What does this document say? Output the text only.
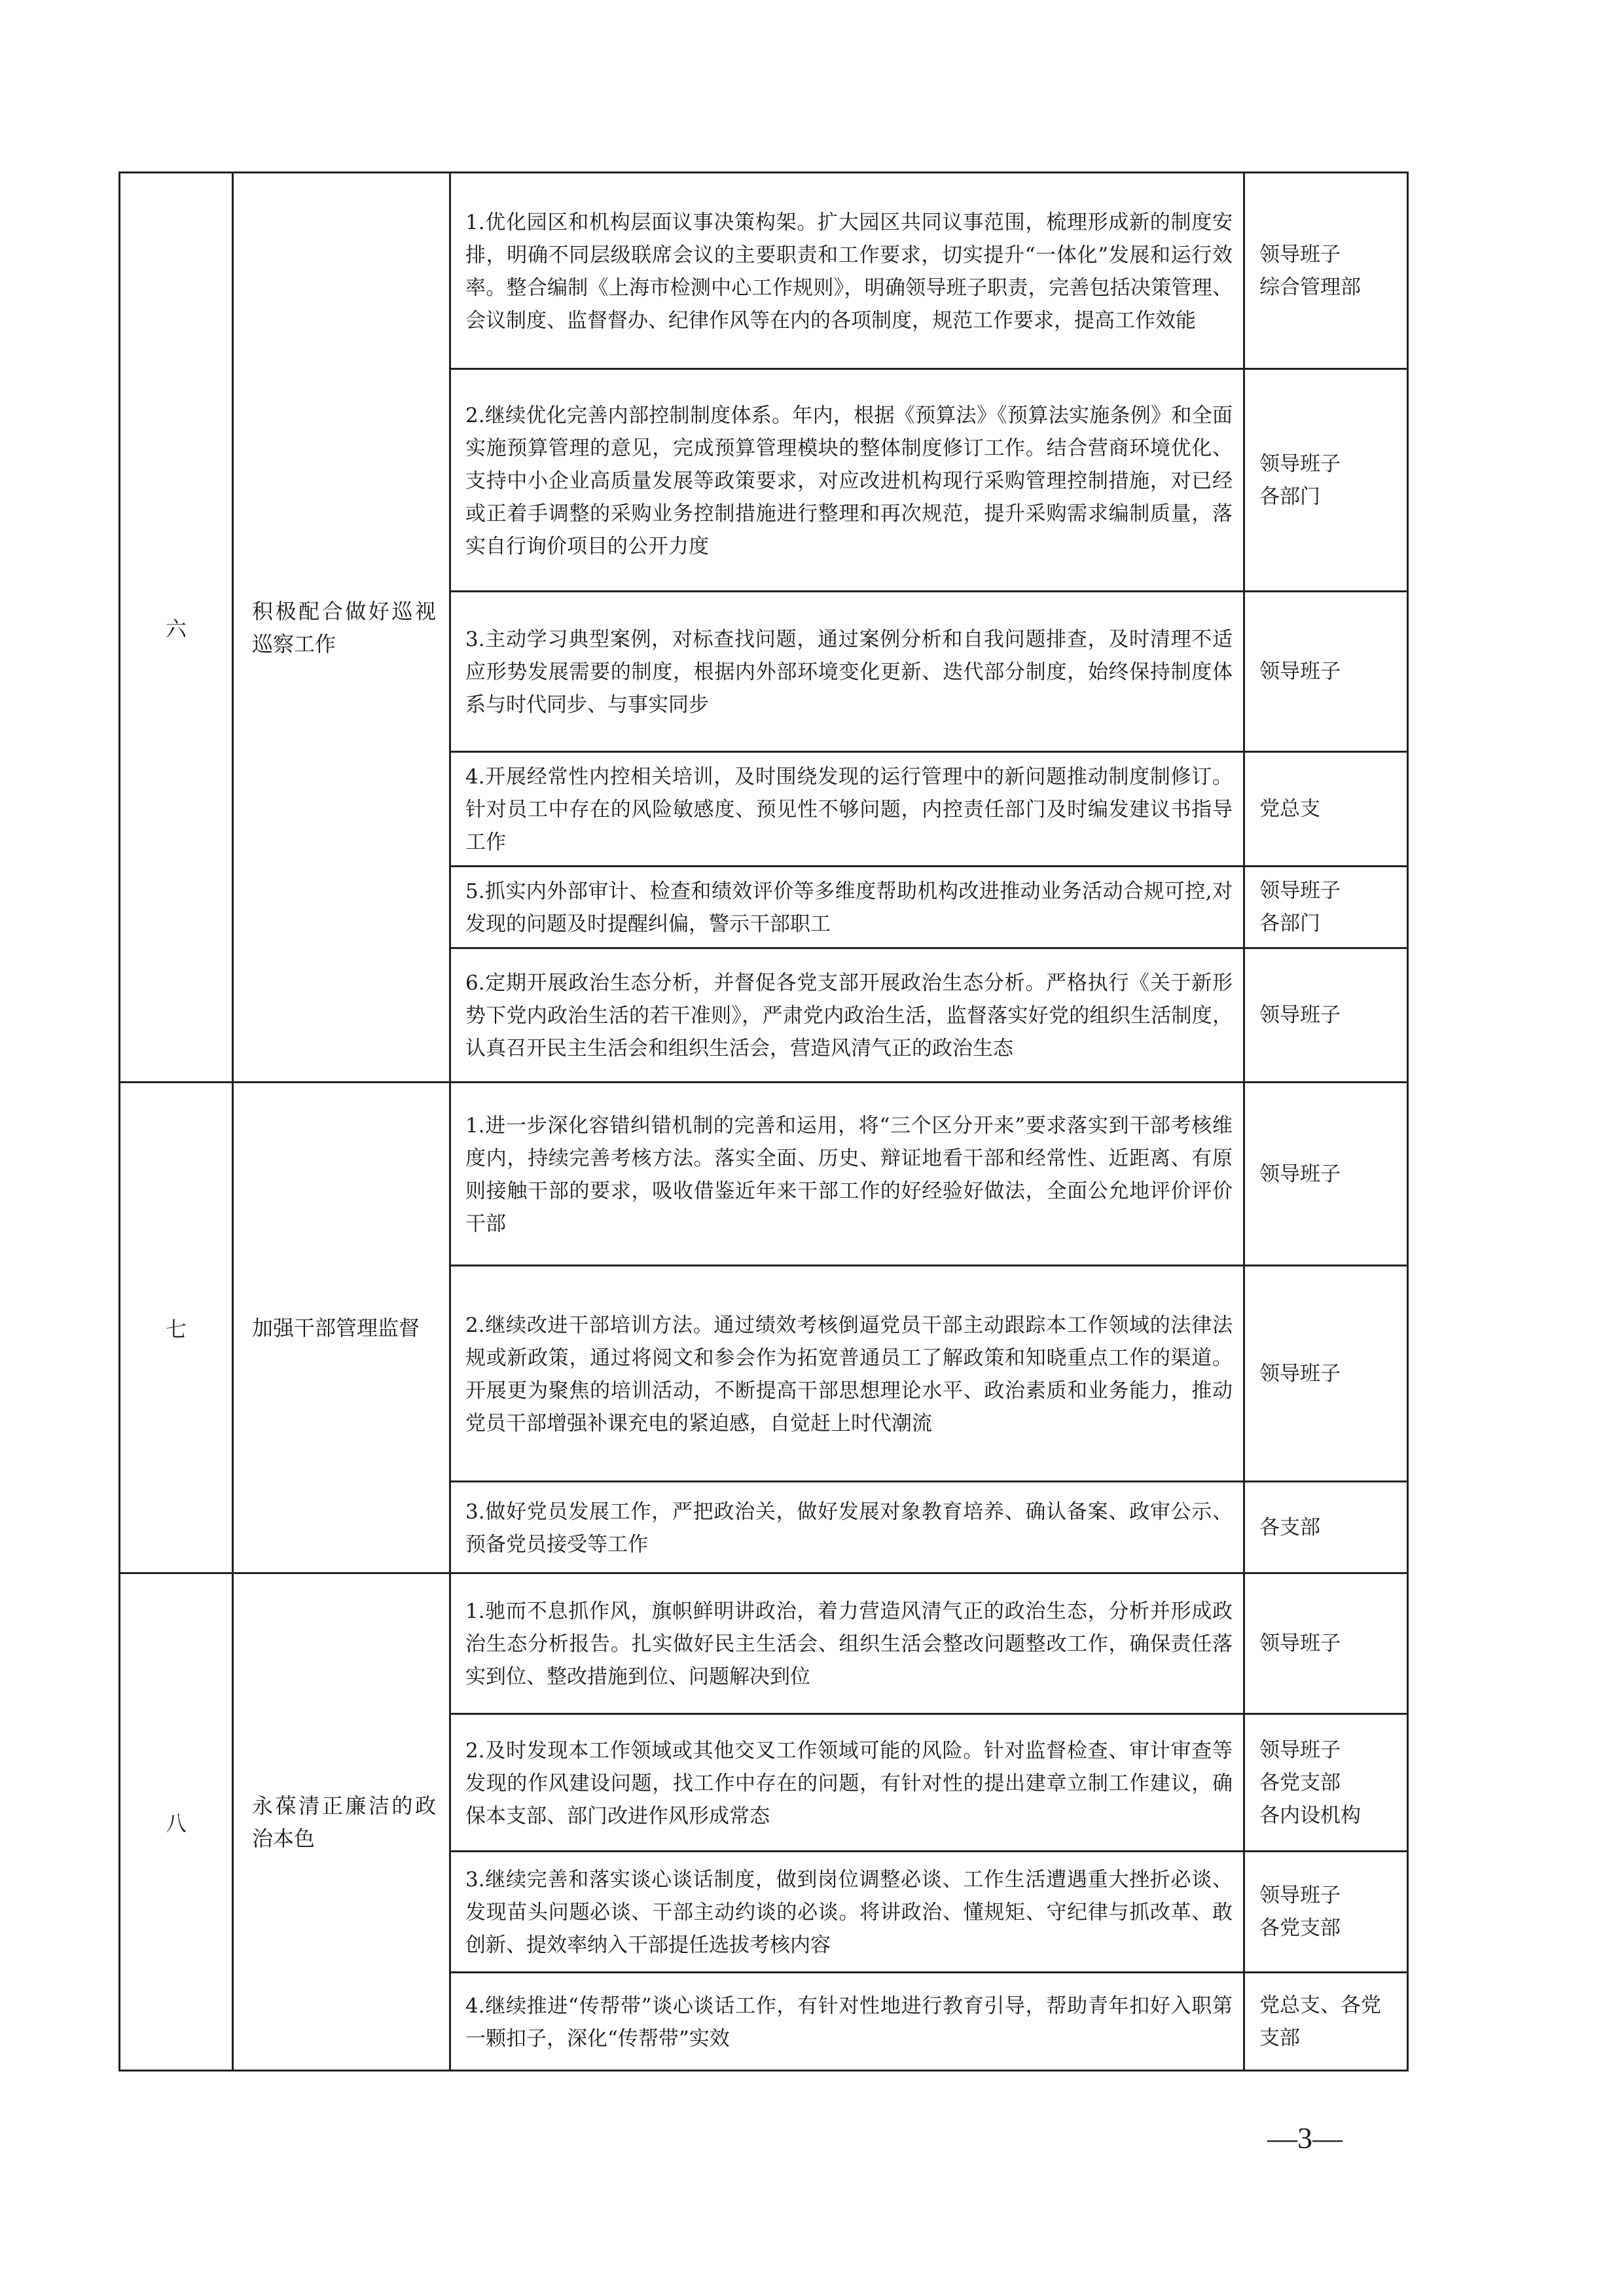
六	积极配合做好巡视巡察工作	1.优化园区和机构层面议事决策构架。扩大园区共同议事范围，梳理形成新的制度安排，明确不同层级联席会议的主要职责和工作要求，切实提升“一体化”发展和运行效率。整合编制《上海市检测中心工作规则》，明确领导班子职责，完善包括决策管理、会议制度、监督督办、纪律作风等在内的各项制度，规范工作要求，提高工作效能	领导班子
综合管理部

		2.继续优化完善内部控制制度体系。年内，根据《预算法》《预算法实施条例》和全面实施预算管理的意见，完成预算管理模块的整体制度修订工作。结合营商环境优化、支持中小企业高质量发展等政策要求，对应改进机构现行采购管理控制措施，对已经或正着手调整的采购业务控制措施进行整理和再次规范，提升采购需求编制质量，落实自行询价项目的公开力度	领导班子
各部门

		3.主动学习典型案例，对标查找问题，通过案例分析和自我问题排查，及时清理不适应形势发展需要的制度，根据内外部环境变化更新、迭代部分制度，始终保持制度体系与时代同步、与事实同步	领导班子

		4.开展经常性内控相关培训，及时围绕发现的运行管理中的新问题推动制度制修订。针对员工中存在的风险敏感度、预见性不够问题，内控责任部门及时编发建议书指导工作	党总支

		5.抓实内外部审计、检查和绩效评价等多维度帮助机构改进推动业务活动合规可控,对发现的问题及时提醒纠偏，警示干部职工	领导班子
各部门

		6.定期开展政治生态分析，并督促各党支部开展政治生态分析。严格执行《关于新形势下党内政治生活的若干准则》，严肃党内政治生活，监督落实好党的组织生活制度，认真召开民主生活会和组织生活会，营造风清气正的政治生态	领导班子

七	加强干部管理监督	1.进一步深化容错纠错机制的完善和运用，将“三个区分开来”要求落实到干部考核维度内，持续完善考核方法。落实全面、历史、辩证地看干部和经常性、近距离、有原则接触干部的要求，吸收借鉴近年来干部工作的好经验好做法，全面公允地评价评价干部	领导班子

		2.继续改进干部培训方法。通过绩效考核倒逼党员干部主动跟踪本工作领域的法律法规或新政策，通过将阅文和参会作为拓宽普通员工了解政策和知晓重点工作的渠道。开展更为聚焦的培训活动，不断提高干部思想理论水平、政治素质和业务能力，推动党员干部增强补课充电的紧迫感，自觉赶上时代潮流	领导班子

		3.做好党员发展工作，严把政治关，做好发展对象教育培养、确认备案、政审公示、预备党员接受等工作	各支部

八	永葆清正廉洁的政治本色	1.驰而不息抓作风，旗帜鲜明讲政治，着力营造风清气正的政治生态，分析并形成政治生态分析报告。扎实做好民主生活会、组织生活会整改问题整改工作，确保责任落实到位、整改措施到位、问题解决到位	领导班子

		2.及时发现本工作领域或其他交叉工作领域可能的风险。针对监督检查、审计审查等发现的作风建设问题，找工作中存在的问题，有针对性的提出建章立制工作建议，确保本支部、部门改进作风形成常态	领导班子
各党支部
各内设机构

		3.继续完善和落实谈心谈话制度，做到岗位调整必谈、工作生活遭遇重大挫折必谈、发现苗头问题必谈、干部主动约谈的必谈。将讲政治、懂规矩、守纪律与抓改革、敢创新、提效率纳入干部提任选拔考核内容	领导班子
各党支部

		4.继续推进“传帮带”谈心谈话工作，有针对性地进行教育引导，帮助青年扣好入职第一颗扣子，深化“传帮带”实效	党总支、各党支部
—3—
